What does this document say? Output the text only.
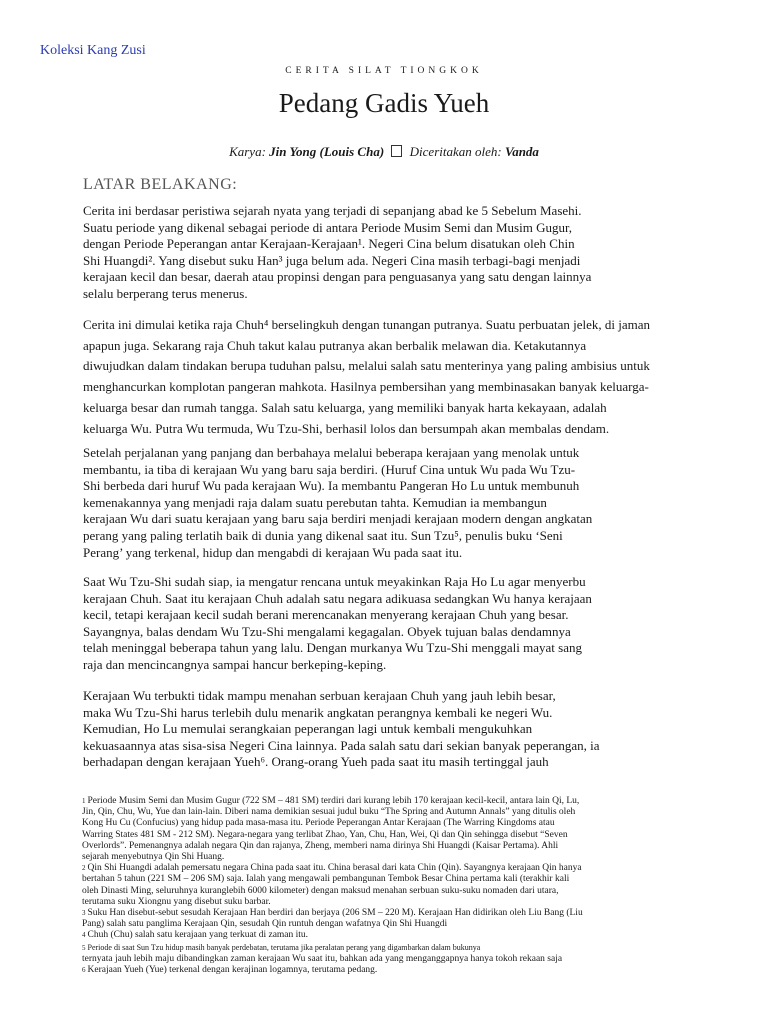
Koleksi Kang Zusi
CERITA SILAT TIONGKOK
Pedang Gadis Yueh
Karya: Jin Yong (Louis Cha) Diceritakan oleh: Vanda
LATAR BELAKANG:
Cerita ini berdasar peristiwa sejarah nyata yang terjadi di sepanjang abad ke 5 Sebelum Masehi.
Suatu periode yang dikenal sebagai periode di antara Periode Musim Semi dan Musim Gugur,
dengan Periode Peperangan antar Kerajaan-Kerajaan¹. Negeri Cina belum disatukan oleh Chin
Shi Huangdi². Yang disebut suku Han³ juga belum ada. Negeri Cina masih terbagi-bagi menjadi
kerajaan kecil dan besar, daerah atau propinsi dengan para penguasanya yang satu dengan lainnya
selalu berperang terus menerus.
Cerita ini dimulai ketika raja Chuh⁴ berselingkuh dengan tunangan putranya. Suatu perbuatan jelek, di jaman
apapun juga. Sekarang raja Chuh takut kalau putranya akan berbalik melawan dia. Ketakutannya
diwujudkan dalam tindakan berupa tuduhan palsu, melalui salah satu menterinya yang paling ambisius untuk
menghancurkan komplotan pangeran mahkota. Hasilnya pembersihan yang membinasakan banyak keluarga-
keluarga besar dan rumah tangga. Salah satu keluarga, yang memiliki banyak harta kekayaan, adalah
keluarga Wu. Putra Wu termuda, Wu Tzu-Shi, berhasil lolos dan bersumpah akan membalas dendam.
Setelah perjalanan yang panjang dan berbahaya melalui beberapa kerajaan yang menolak untuk
membantu, ia tiba di kerajaan Wu yang baru saja berdiri. (Huruf Cina untuk Wu pada Wu Tzu-
Shi berbeda dari huruf Wu pada kerajaan Wu). Ia membantu Pangeran Ho Lu untuk membunuh
kemenakannya yang menjadi raja dalam suatu perebutan tahta. Kemudian ia membangun
kerajaan Wu dari suatu kerajaan yang baru saja berdiri menjadi kerajaan modern dengan angkatan
perang yang paling terlatih baik di dunia yang dikenal saat itu. Sun Tzu⁵, penulis buku ‘Seni
Perang’ yang terkenal, hidup dan mengabdi di kerajaan Wu pada saat itu.
Saat Wu Tzu-Shi sudah siap, ia mengatur rencana untuk meyakinkan Raja Ho Lu agar menyerbu
kerajaan Chuh. Saat itu kerajaan Chuh adalah satu negara adikuasa sedangkan Wu hanya kerajaan
kecil, tetapi kerajaan kecil sudah berani merencanakan menyerang kerajaan Chuh yang besar.
Sayangnya, balas dendam Wu Tzu-Shi mengalami kegagalan. Obyek tujuan balas dendamnya
telah meninggal beberapa tahun yang lalu. Dengan murkanya Wu Tzu-Shi menggali mayat sang
raja dan mencincangnya sampai hancur berkeping-keping.
Kerajaan Wu terbukti tidak mampu menahan serbuan kerajaan Chuh yang jauh lebih besar,
maka Wu Tzu-Shi harus terlebih dulu menarik angkatan perangnya kembali ke negeri Wu.
Kemudian, Ho Lu memulai serangkaian peperangan lagi untuk kembali mengukuhkan
kekuasaannya atas sisa-sisa Negeri Cina lainnya. Pada salah satu dari sekian banyak peperangan, ia
berhadapan dengan kerajaan Yueh⁶. Orang-orang Yueh pada saat itu masih tertinggal jauh
1 Periode Musim Semi dan Musim Gugur (722 SM – 481 SM) terdiri dari kurang lebih 170 kerajaan kecil-kecil, antara lain Qi, Lu,
Jin, Qin, Chu, Wu, Yue dan lain-lain. Diberi nama demikian sesuai judul buku “The Spring and Autumn Annals” yang ditulis oleh
Kong Hu Cu (Confucius) yang hidup pada masa-masa itu. Periode Peperangan Antar Kerajaan (The Warring Kingdoms atau
Warring States 481 SM - 212 SM). Negara-negara yang terlibat Zhao, Yan, Chu, Han, Wei, Qi dan Qin sehingga disebut “Seven
Overlords”. Pemenangnya adalah negara Qin dan rajanya, Zheng, memberi nama dirinya Shi Huangdi (Kaisar Pertama). Ahli
sejarah menyebutnya Qin Shi Huang.
2 Qin Shi Huangdi adalah pemersatu negara China pada saat itu. China berasal dari kata Chin (Qin). Sayangnya kerajaan Qin hanya
bertahan 5 tahun (221 SM – 206 SM) saja. Ialah yang mengawali pembangunan Tembok Besar China pertama kali (terakhir kali
oleh Dinasti Ming, seluruhnya kuranglebih 6000 kilometer) dengan maksud menahan serbuan suku-suku nomaden dari utara,
terutama suku Xiongnu yang disebut suku barbar.
3 Suku Han disebut-sebut sesudah Kerajaan Han berdiri dan berjaya (206 SM – 220 M). Kerajaan Han didirikan oleh Liu Bang (Liu
Pang) salah satu panglima Kerajaan Qin, sesudah Qin runtuh dengan wafatnya Qin Shi Huangdi
4 Chuh (Chu) salah satu kerajaan yang terkuat di zaman itu.
5 Periode di saat Sun Tzu hidup masih banyak perdebatan, terutama jika peralatan perang yang digambarkan dalam bukunya
ternyata jauh lebih maju dibandingkan zaman kerajaan Wu saat itu, bahkan ada yang menganggapnya hanya tokoh rekaan saja
6 Kerajaan Yueh (Yue) terkenal dengan kerajinan logamnya, terutama pedang.
